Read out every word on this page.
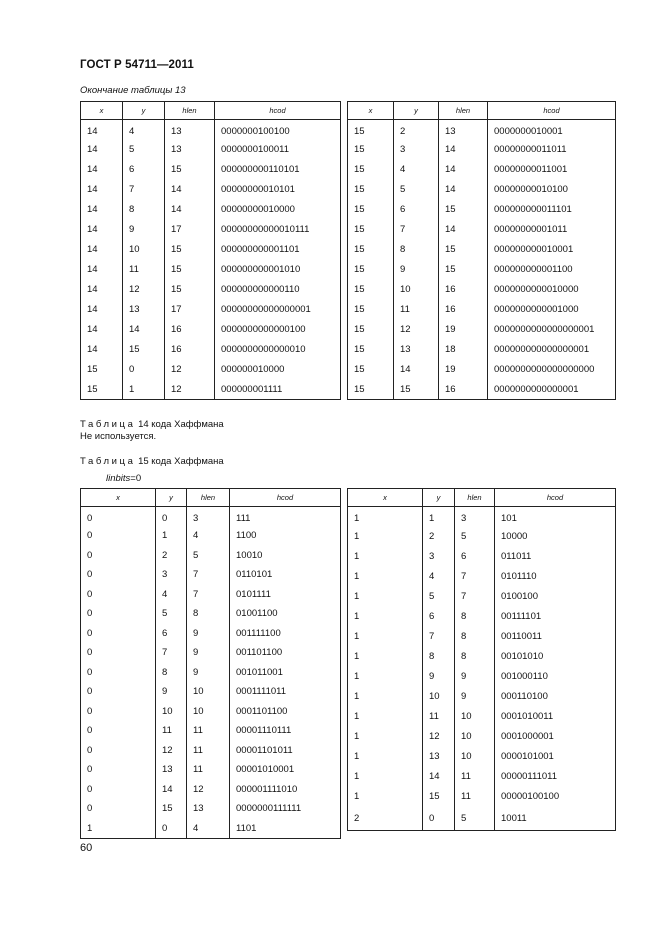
ГОСТ Р 54711—2011
Окончание таблицы 13
x	y	hlen	hcod
14	4	13	0000000100100
14	5	13	0000000100011
14	6	15	000000000110101
14	7	14	00000000010101
14	8	14	00000000010000
14	9	17	00000000000010111
14	10	15	000000000001101
14	11	15	000000000001010
14	12	15	000000000000110
14	13	17	00000000000000001
14	14	16	0000000000000100
14	15	16	0000000000000010
15	0	12	000000010000
15	1	12	000000001111
x	y	hlen	hcod
15	2	13	0000000010001
15	3	14	00000000011011
15	4	14	00000000011001
15	5	14	00000000010100
15	6	15	000000000011101
15	7	14	00000000001011
15	8	15	000000000010001
15	9	15	000000000001100
15	10	16	0000000000010000
15	11	16	0000000000001000
15	12	19	0000000000000000001
15	13	18	000000000000000001
15	14	19	0000000000000000000
15	15	16	0000000000000001
Таблица 14 кода Хаффмана
Не используется.
Таблица 15 кода Хаффмана
linbits=0
x	y	hlen	hcod
0	0	3	111
0	1	4	1100
0	2	5	10010
0	3	7	0110101
0	4	7	0101111
0	5	8	01001100
0	6	9	001111100
0	7	9	001101100
0	8	9	001011001
0	9	10	0001111011
0	10	10	0001101100
0	11	11	00001110111
0	12	11	00001101011
0	13	11	00001010001
0	14	12	000001111010
0	15	13	0000000111111
1	0	4	1101
x	y	hlen	hcod
1	1	3	101
1	2	5	10000
1	3	6	011011
1	4	7	0101110
1	5	7	0100100
1	6	8	00111101
1	7	8	00110011
1	8	8	00101010
1	9	9	001000110
1	10	9	000110100
1	11	10	0001010011
1	12	10	0001000001
1	13	10	0000101001
1	14	11	00000111011
1	15	11	00000100100
2	0	5	10011
60
